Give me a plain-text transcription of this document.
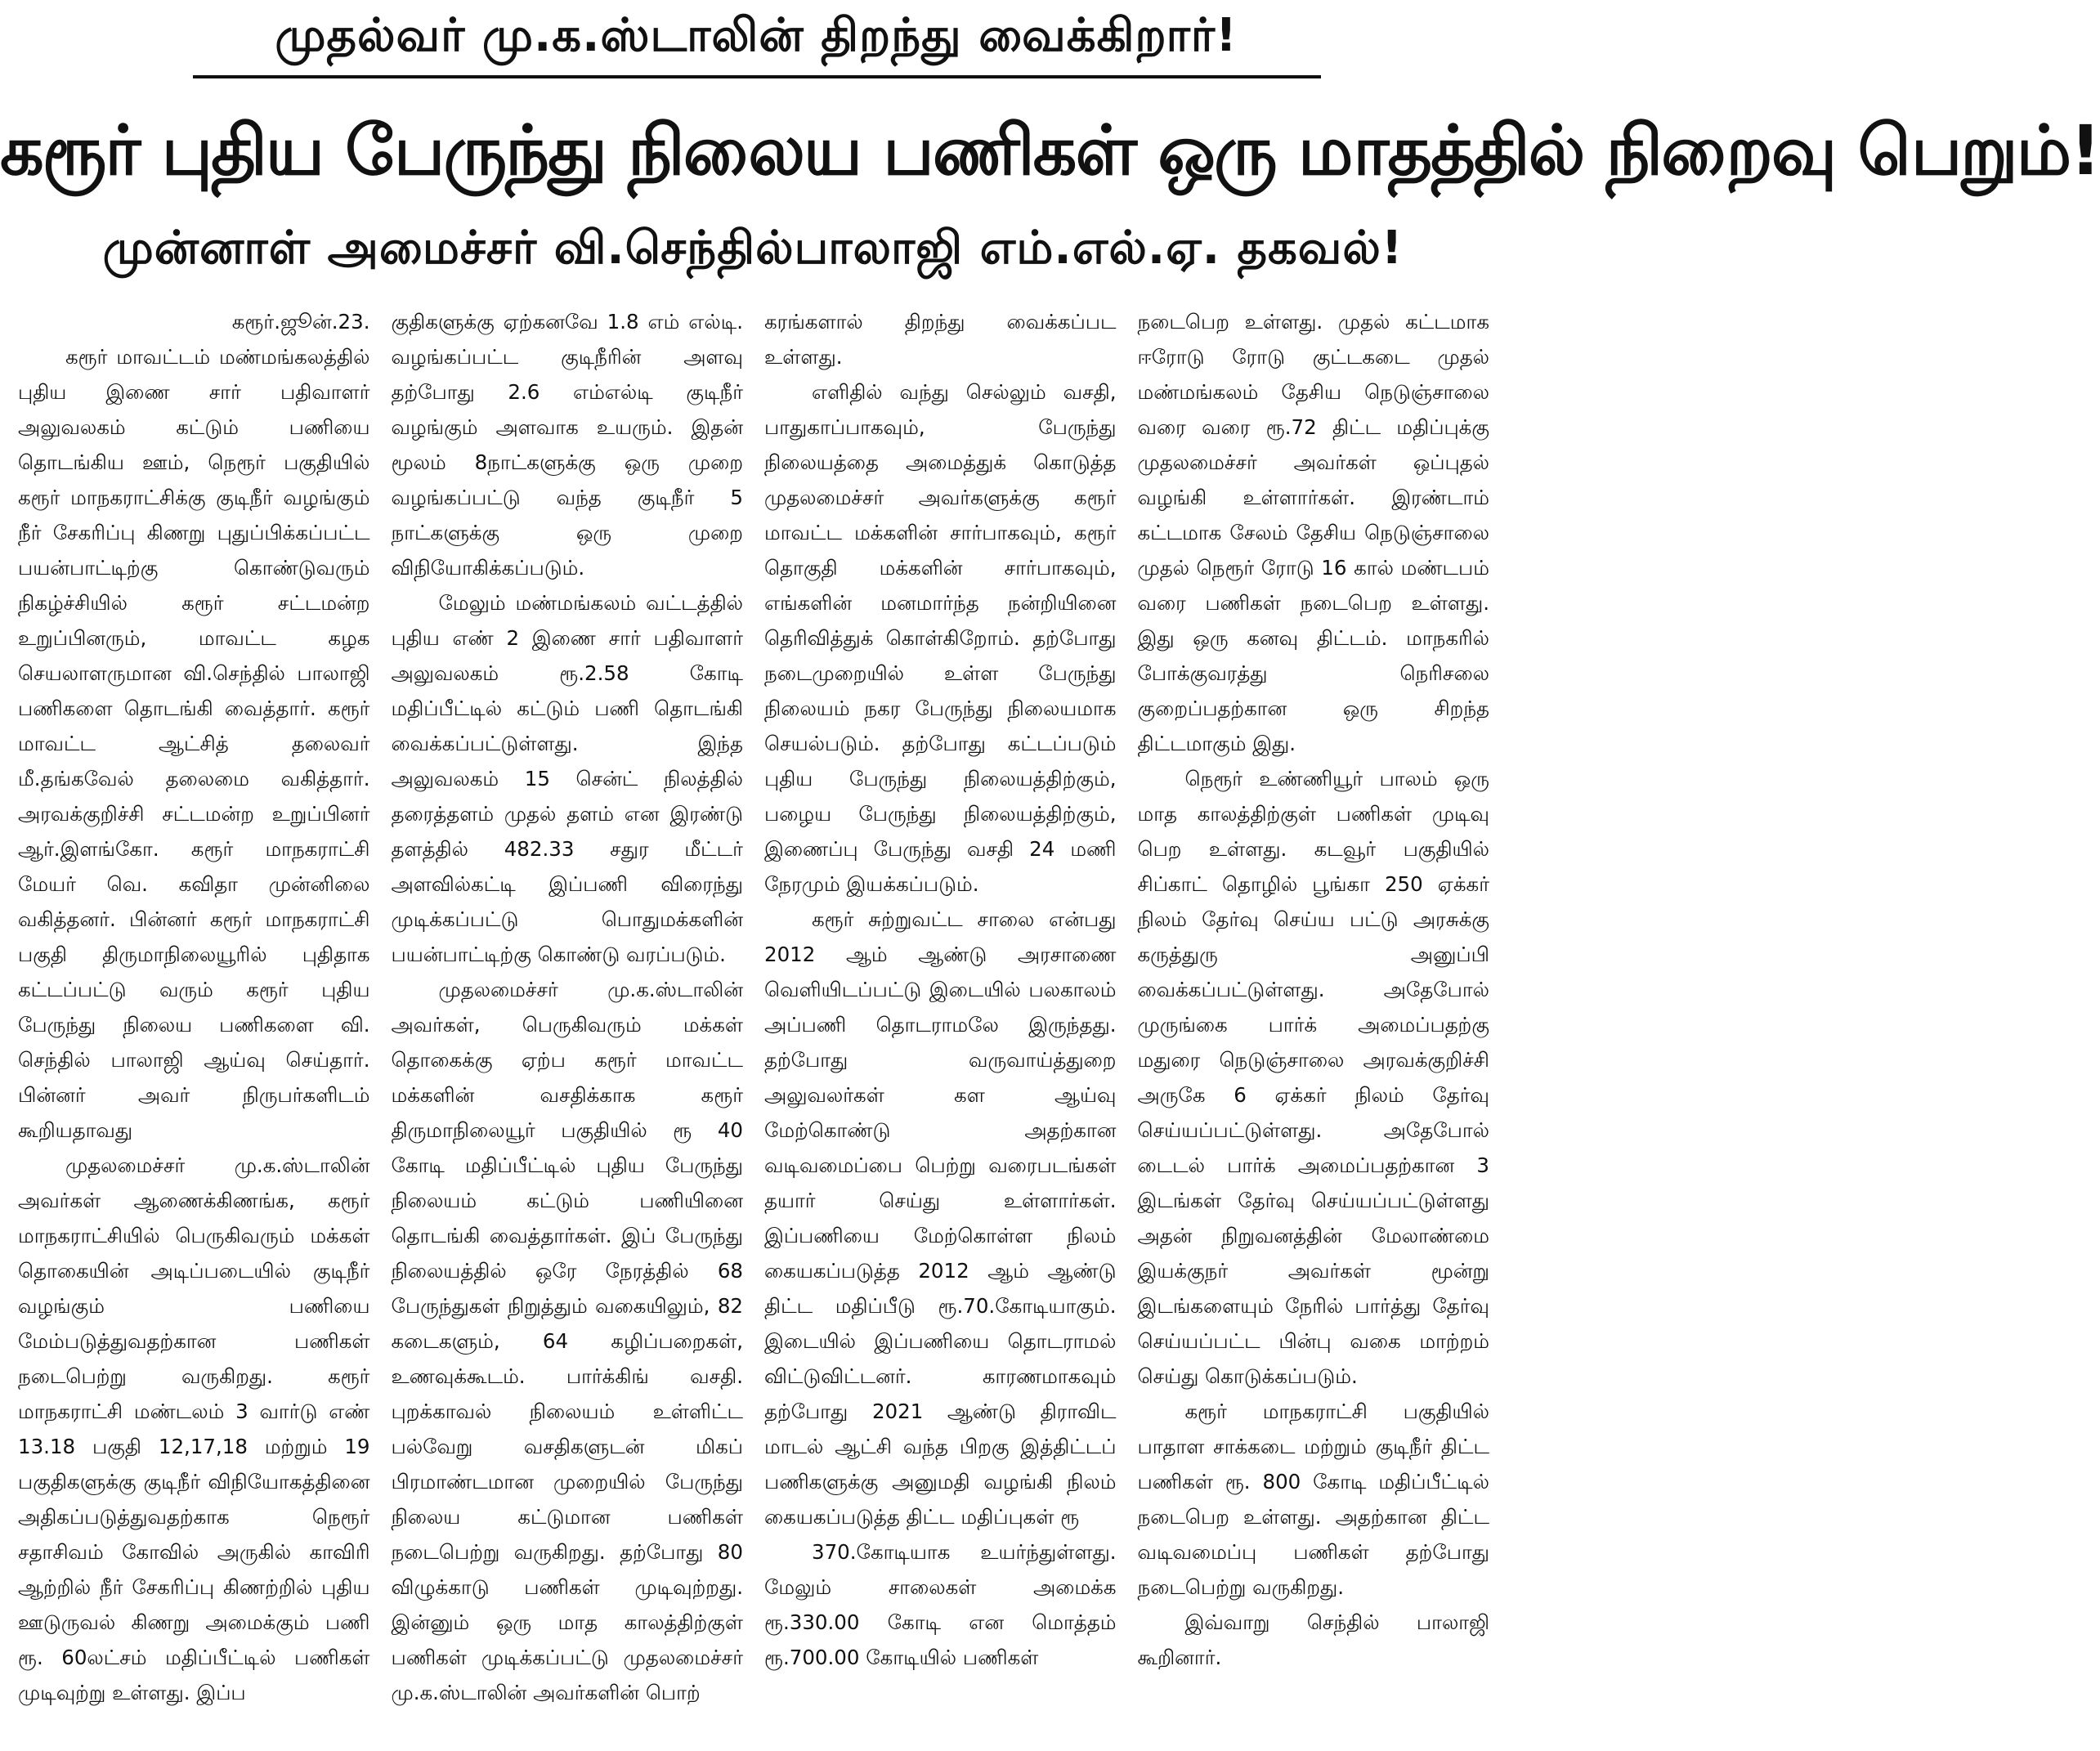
முதல்வர் மு.க.ஸ்டாலின் திறந்து வைக்கிறார்!
கரூர் புதிய பேருந்து நிலைய பணிகள் ஒரு மாதத்தில் நிறைவு பெறும்!
முன்னாள் அமைச்சர் வி.செந்தில்பாலாஜி எம்.எல்.ஏ. தகவல்!

கரூர்.ஜூன்.23.

கரூர் மாவட்டம் மண்மங்கலத்தில் புதிய இணை சார் பதிவாளர் அலுவலகம் கட்டும் பணியை தொடங்கிய ஊம், நெரூர் பகுதியில் கரூர் மாநகராட்சிக்கு குடிநீர் வழங்கும் நீர் சேகரிப்பு கிணறு புதுப்பிக்கப்பட்ட பயன்பாட்டிற்கு கொண்டுவரும் நிகழ்ச்சியில் கரூர் சட்டமன்ற உறுப்பினரும், மாவட்ட கழக செயலாளருமான வி.செந்தில் பாலாஜி பணிகளை தொடங்கி வைத்தார். கரூர் மாவட்ட ஆட்சித் தலைவர் மீ.தங்கவேல் தலைமை வகித்தார். அரவக்குறிச்சி சட்டமன்ற உறுப்பினர் ஆர்.இளங்கோ. கரூர் மாநகராட்சி மேயர் வெ. கவிதா முன்னிலை வகித்தனர். பின்னர் கரூர் மாநகராட்சி பகுதி திருமாநிலையூரில் புதிதாக கட்டப்பட்டு வரும் கரூர் புதிய பேருந்து நிலைய பணிகளை வி. செந்தில் பாலாஜி ஆய்வு செய்தார். பின்னர் அவர் நிருபர்களிடம் கூறியதாவது

முதலமைச்சர் மு.க.ஸ்டாலின் அவர்கள் ஆணைக்கிணங்க, கரூர் மாநகராட்சியில் பெருகிவரும் மக்கள் தொகையின் அடிப்படையில் குடிநீர் வழங்கும் பணியை மேம்படுத்துவதற்கான பணிகள் நடைபெற்று வருகிறது. கரூர் மாநகராட்சி மண்டலம் 3 வார்டு எண் 13.18 பகுதி 12,17,18 மற்றும் 19 பகுதிகளுக்கு குடிநீர் விநியோகத்தினை அதிகப்படுத்துவதற்காக நெரூர் சதாசிவம் கோவில் அருகில் காவிரி ஆற்றில் நீர் சேகரிப்பு கிணற்றில் புதிய ஊடுருவல் கிணறு அமைக்கும் பணி ரூ. 60லட்சம் மதிப்பீட்டில் பணிகள் முடிவுற்று உள்ளது. இப்ப

குதிகளுக்கு ஏற்கனவே 1.8 எம் எல்டி. வழங்கப்பட்ட குடிநீரின் அளவு தற்போது 2.6 எம்எல்டி குடிநீர் வழங்கும் அளவாக உயரும். இதன் மூலம் 8நாட்களுக்கு ஒரு முறை வழங்கப்பட்டு வந்த குடிநீர் 5 நாட்களுக்கு ஒரு முறை விநியோகிக்கப்படும்.

மேலும் மண்மங்கலம் வட்டத்தில் புதிய எண் 2 இணை சார் பதிவாளர் அலுவலகம் ரூ.2.58 கோடி மதிப்பீட்டில் கட்டும் பணி தொடங்கி வைக்கப்பட்டுள்ளது. இந்த அலுவலகம் 15 சென்ட் நிலத்தில் தரைத்தளம் முதல் தளம் என இரண்டு தளத்தில் 482.33 சதுர மீட்டர் அளவில்கட்டி இப்பணி விரைந்து முடிக்கப்பட்டு பொதுமக்களின் பயன்பாட்டிற்கு கொண்டு வரப்படும்.

முதலமைச்சர் மு.க.ஸ்டாலின் அவர்கள், பெருகிவரும் மக்கள் தொகைக்கு ஏற்ப கரூர் மாவட்ட மக்களின் வசதிக்காக கரூர் திருமாநிலையூர் பகுதியில் ரூ 40 கோடி மதிப்பீட்டில் புதிய பேருந்து நிலையம் கட்டும் பணியினை தொடங்கி வைத்தார்கள். இப் பேருந்து நிலையத்தில் ஒரே நேரத்தில் 68 பேருந்துகள் நிறுத்தும் வகையிலும், 82 கடைகளும், 64 கழிப்பறைகள், உணவுக்கூடம். பார்க்கிங் வசதி. புறக்காவல் நிலையம் உள்ளிட்ட பல்வேறு வசதிகளுடன் மிகப் பிரமாண்டமான முறையில் பேருந்து நிலைய கட்டுமான பணிகள் நடைபெற்று வருகிறது. தற்போது 80 விழுக்காடு பணிகள் முடிவுற்றது. இன்னும் ஒரு மாத காலத்திற்குள் பணிகள் முடிக்கப்பட்டு முதலமைச்சர் மு.க.ஸ்டாலின் அவர்களின் பொற்

கரங்களால் திறந்து வைக்கப்பட உள்ளது.

எளிதில் வந்து செல்லும் வசதி, பாதுகாப்பாகவும், பேருந்து நிலையத்தை அமைத்துக் கொடுத்த முதலமைச்சர் அவர்களுக்கு கரூர் மாவட்ட மக்களின் சார்பாகவும், கரூர் தொகுதி மக்களின் சார்பாகவும், எங்களின் மனமார்ந்த நன்றியினை தெரிவித்துக் கொள்கிறோம். தற்போது நடைமுறையில் உள்ள பேருந்து நிலையம் நகர பேருந்து நிலையமாக செயல்படும். தற்போது கட்டப்படும் புதிய பேருந்து நிலையத்திற்கும், பழைய பேருந்து நிலையத்திற்கும், இணைப்பு பேருந்து வசதி 24 மணி நேரமும் இயக்கப்படும்.

கரூர் சுற்றுவட்ட சாலை என்பது 2012 ஆம் ஆண்டு அரசாணை வெளியிடப்பட்டு இடையில் பலகாலம் அப்பணி தொடராமலே இருந்தது. தற்போது வருவாய்த்துறை அலுவலர்கள் கள ஆய்வு மேற்கொண்டு அதற்கான வடிவமைப்பை பெற்று வரைபடங்கள் தயார் செய்து உள்ளார்கள். இப்பணியை மேற்கொள்ள நிலம் கையகப்படுத்த 2012 ஆம் ஆண்டு திட்ட மதிப்பீடு ரூ.70.கோடியாகும். இடையில் இப்பணியை தொடராமல் விட்டுவிட்டனர். காரணமாகவும் தற்போது 2021 ஆண்டு திராவிட மாடல் ஆட்சி வந்த பிறகு இத்திட்டப் பணிகளுக்கு அனுமதி வழங்கி நிலம் கையகப்படுத்த திட்ட மதிப்புகள் ரூ

370.கோடியாக உயர்ந்துள்ளது. மேலும் சாலைகள் அமைக்க ரூ.330.00 கோடி என மொத்தம் ரூ.700.00 கோடியில் பணிகள்

நடைபெற உள்ளது. முதல் கட்டமாக ஈரோடு ரோடு குட்டகடை முதல் மண்மங்கலம் தேசிய நெடுஞ்சாலை வரை வரை ரூ.72 திட்ட மதிப்புக்கு முதலமைச்சர் அவர்கள் ஒப்புதல் வழங்கி உள்ளார்கள். இரண்டாம் கட்டமாக சேலம் தேசிய நெடுஞ்சாலை முதல் நெரூர் ரோடு 16 கால் மண்டபம் வரை பணிகள் நடைபெற உள்ளது. இது ஒரு கனவு திட்டம். மாநகரில் போக்குவரத்து நெரிசலை குறைப்பதற்கான ஒரு சிறந்த திட்டமாகும் இது.

நெரூர் உண்ணியூர் பாலம் ஒரு மாத காலத்திற்குள் பணிகள் முடிவு பெற உள்ளது. கடவூர் பகுதியில் சிப்காட் தொழில் பூங்கா 250 ஏக்கர் நிலம் தேர்வு செய்ய பட்டு அரசுக்கு கருத்துரு அனுப்பி வைக்கப்பட்டுள்ளது. அதேபோல் முருங்கை பார்க் அமைப்பதற்கு மதுரை நெடுஞ்சாலை அரவக்குறிச்சி அருகே 6 ஏக்கர் நிலம் தேர்வு செய்யப்பட்டுள்ளது. அதேபோல் டைடல் பார்க் அமைப்பதற்கான 3 இடங்கள் தேர்வு செய்யப்பட்டுள்ளது அதன் நிறுவனத்தின் மேலாண்மை இயக்குநர் அவர்கள் மூன்று இடங்களையும் நேரில் பார்த்து தேர்வு செய்யப்பட்ட பின்பு வகை மாற்றம் செய்து கொடுக்கப்படும்.

கரூர் மாநகராட்சி பகுதியில் பாதாள சாக்கடை மற்றும் குடிநீர் திட்ட பணிகள் ரூ. 800 கோடி மதிப்பீட்டில் நடைபெற உள்ளது. அதற்கான திட்ட வடிவமைப்பு பணிகள் தற்போது நடைபெற்று வருகிறது.

இவ்வாறு செந்தில் பாலாஜி கூறினார்.
